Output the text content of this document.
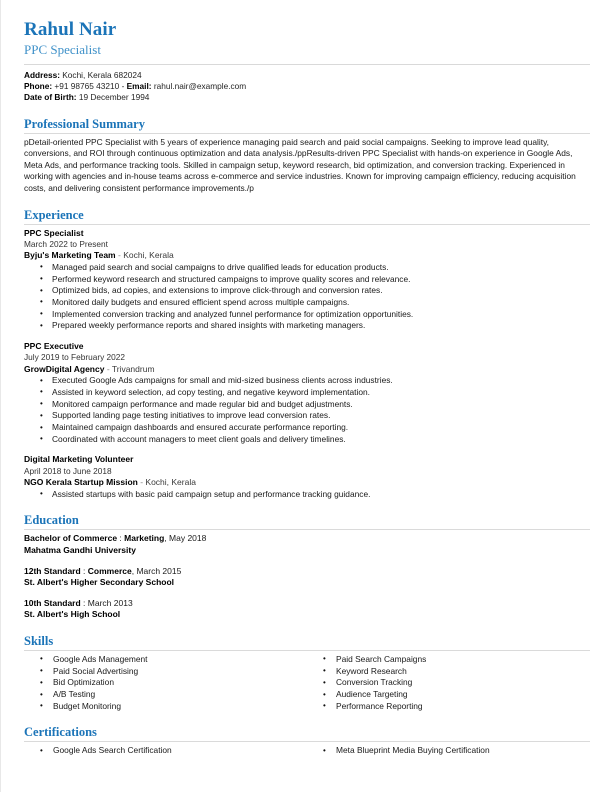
Rahul Nair
PPC Specialist
Address: Kochi, Kerala 682024
Phone: +91 98765 43210 - Email: rahul.nair@example.com
Date of Birth: 19 December 1994
Professional Summary

pDetail-oriented PPC Specialist with 5 years of experience managing paid search and paid social campaigns. Seeking to improve lead quality, conversions, and ROI through continuous optimization and data analysis./ppResults-driven PPC Specialist with hands-on experience in Google Ads, Meta Ads, and performance tracking tools. Skilled in campaign setup, keyword research, bid optimization, and conversion tracking. Experienced in working with agencies and in-house teams across e-commerce and service industries. Known for improving campaign efficiency, reducing acquisition costs, and delivering consistent performance improvements./p

Experience
PPC Specialist
March 2022 to Present
Byju's Marketing Team - Kochi, Kerala
• Managed paid search and social campaigns to drive qualified leads for education products.
• Performed keyword research and structured campaigns to improve quality scores and relevance.
• Optimized bids, ad copies, and extensions to improve click-through and conversion rates.
• Monitored daily budgets and ensured efficient spend across multiple campaigns.
• Implemented conversion tracking and analyzed funnel performance for optimization opportunities.
• Prepared weekly performance reports and shared insights with marketing managers.
PPC Executive
July 2019 to February 2022
GrowDigital Agency - Trivandrum
• Executed Google Ads campaigns for small and mid-sized business clients across industries.
• Assisted in keyword selection, ad copy testing, and negative keyword implementation.
• Monitored campaign performance and made regular bid and budget adjustments.
• Supported landing page testing initiatives to improve lead conversion rates.
• Maintained campaign dashboards and ensured accurate performance reporting.
• Coordinated with account managers to meet client goals and delivery timelines.
Digital Marketing Volunteer
April 2018 to June 2018
NGO Kerala Startup Mission - Kochi, Kerala
• Assisted startups with basic paid campaign setup and performance tracking guidance.
Education
Bachelor of Commerce : Marketing, May 2018
Mahatma Gandhi University
12th Standard : Commerce, March 2015
St. Albert's Higher Secondary School
10th Standard : March 2013
St. Albert's High School
Skills
• Google Ads Management
• Paid Social Advertising
• Bid Optimization
• A/B Testing
• Budget Monitoring
• Paid Search Campaigns
• Keyword Research
• Conversion Tracking
• Audience Targeting
• Performance Reporting
Certifications
• Google Ads Search Certification	• Meta Blueprint Media Buying Certification
